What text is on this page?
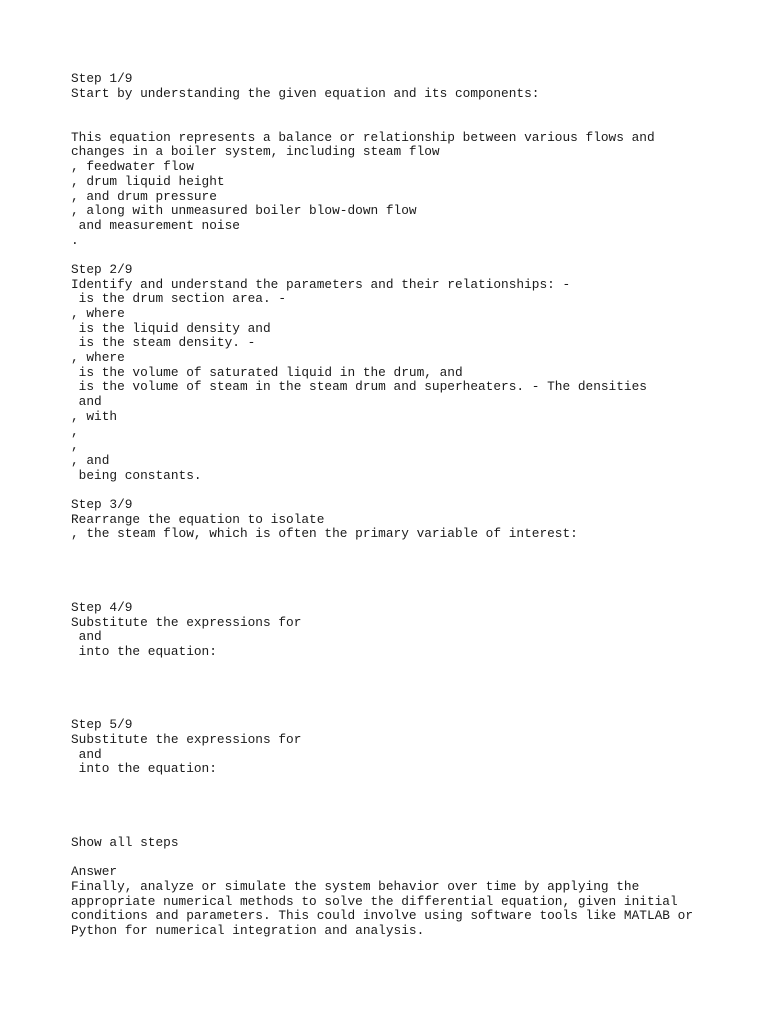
Step 1/9
Start by understanding the given equation and its components:
This equation represents a balance or relationship between various flows and
changes in a boiler system, including steam flow
, feedwater flow
, drum liquid height
, and drum pressure
, along with unmeasured boiler blow-down flow
and measurement noise
.
Step 2/9
Identify and understand the parameters and their relationships: -
is the drum section area. -
, where
is the liquid density and
is the steam density. -
, where
is the volume of saturated liquid in the drum, and
is the volume of steam in the steam drum and superheaters. - The densities
and
, with
,
,
, and
being constants.
Step 3/9
Rearrange the equation to isolate
, the steam flow, which is often the primary variable of interest:
Step 4/9
Substitute the expressions for
and
into the equation:
Step 5/9
Substitute the expressions for
and
into the equation:
Show all steps
Answer
Finally, analyze or simulate the system behavior over time by applying the
appropriate numerical methods to solve the differential equation, given initial
conditions and parameters. This could involve using software tools like MATLAB or
Python for numerical integration and analysis.
